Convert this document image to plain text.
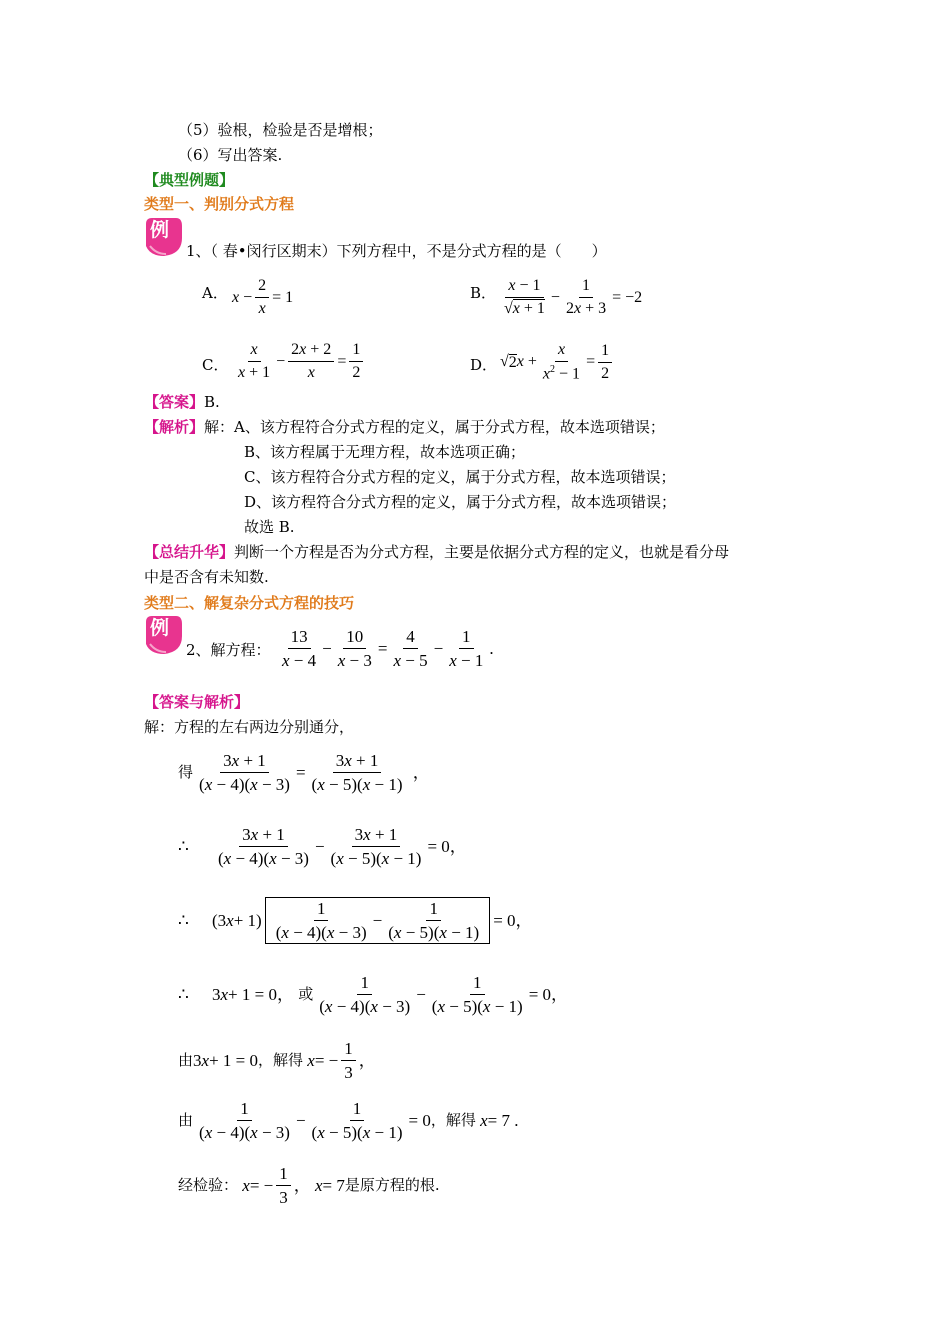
（5）验根，检验是否是增根；
（6）写出答案.
【典型例题】
类型一、判别分式方程
例
1、（ 春•闵行区期末）下列方程中，不是分式方程的是（　　）
A． $x - \frac{2}{x} = 1$	B． $\frac{x - 1}{√x + 1} - \frac{1}{2x + 3} = -2$
C． $\frac{x}{x + 1} - \frac{2x + 2}{x} = \frac{1}{2}$	D． √ 2 $x + \frac{x}{x^2 - 1} = \frac{1}{2}$
【答案】B.
【解析】解：A、该方程符合分式方程的定义，属于分式方程，故本选项错误；
B、该方程属于无理方程，故本选项正确；
C、该方程符合分式方程的定义，属于分式方程，故本选项错误；
D、该方程符合分式方程的定义，属于分式方程，故本选项错误；
故选 B.
【总结升华】判断一个方程是否为分式方程，主要是依据分式方程的定义，也就是看分母
中是否含有未知数.
类型二、解复杂分式方程的技巧
例
2、解方程： $\frac{13}{x - 4} - \frac{10}{x - 3} = \frac{4}{x - 5} - \frac{1}{x - 1}$ .
【答案与解析】
解：方程的左右两边分别通分，
得 $\frac{3x + 1}{(x - 4)(x - 3)} = \frac{3x + 1}{(x - 5)(x - 1)}$ ，
∴	$\frac{3x + 1}{(x - 4)(x - 3)} - \frac{3x + 1}{(x - 5)(x - 1)} = 0$，
∴	(3 $x + 1) \frac{1}{(x - 4)(x - 3)} - \frac{1}{(x - 5)(x - 1)} = 0$，
∴	3 x + 1 = 0， 或 $\frac{1}{(x - 4)(x - 3)} - \frac{1}{(x - 5)(x - 1)} = 0$，
由 3 x + 1 = 0 ，解得
x = − $\frac{1}{3}$ ，
由 $\frac{1}{(x - 4)(x - 3)} - \frac{1}{(x - 5)(x - 1)} = 0$ ，解得
x = 7 .
经检验：
x = − $\frac{1}{3}$ ， x = 7 是原方程的根.
